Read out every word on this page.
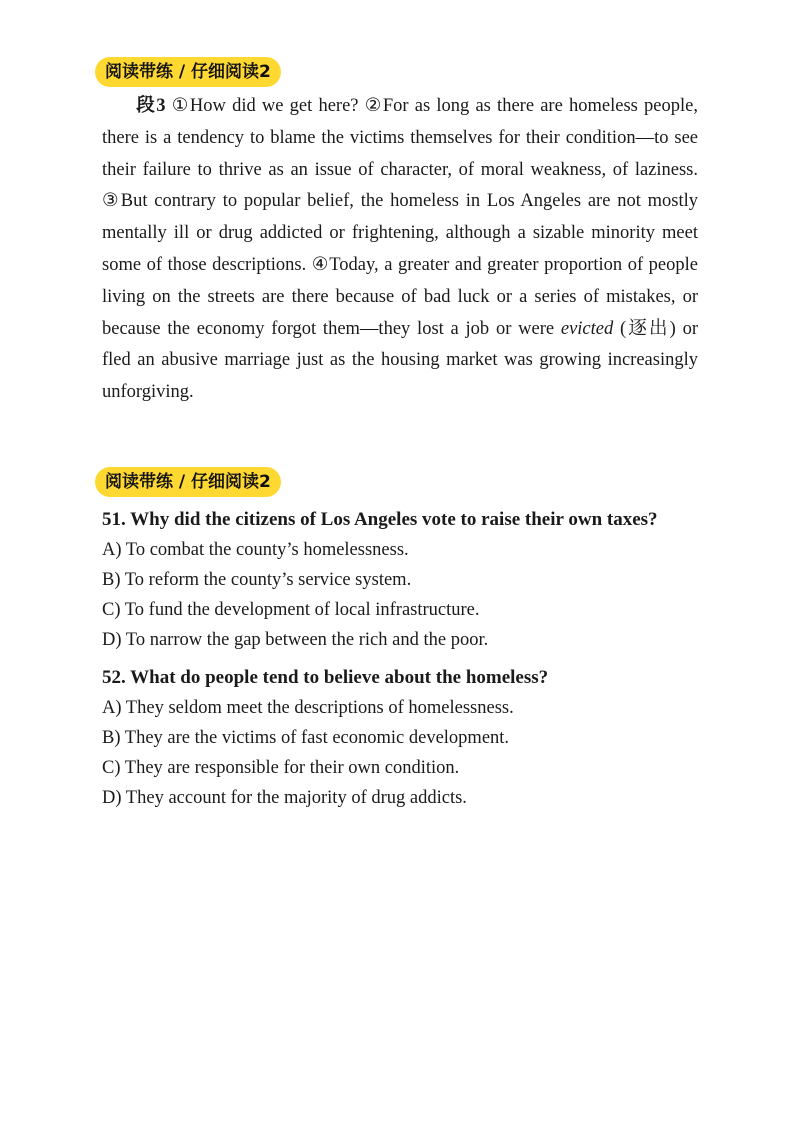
阅读带练 / 仔细阅读2

段3 ①How did we get here? ②For as long as there are homeless people, there is a tendency to blame the victims themselves for their condition—to see their failure to thrive as an issue of character, of moral weakness, of laziness. ③But contrary to popular belief, the homeless in Los Angeles are not mostly mentally ill or drug addicted or frightening, although a sizable minority meet some of those descriptions. ④Today, a greater and greater proportion of people living on the streets are there because of bad luck or a series of mistakes, or because the economy forgot them—they lost a job or were evicted (逐出) or fled an abusive marriage just as the housing market was growing increasingly unforgiving.

阅读带练 / 仔细阅读2

51. Why did the citizens of Los Angeles vote to raise their own taxes?

A) To combat the county’s homelessness.

B) To reform the county’s service system.

C) To fund the development of local infrastructure.

D) To narrow the gap between the rich and the poor.

52. What do people tend to believe about the homeless?

A) They seldom meet the descriptions of homelessness.

B) They are the victims of fast economic development.

C) They are responsible for their own condition.

D) They account for the majority of drug addicts.
